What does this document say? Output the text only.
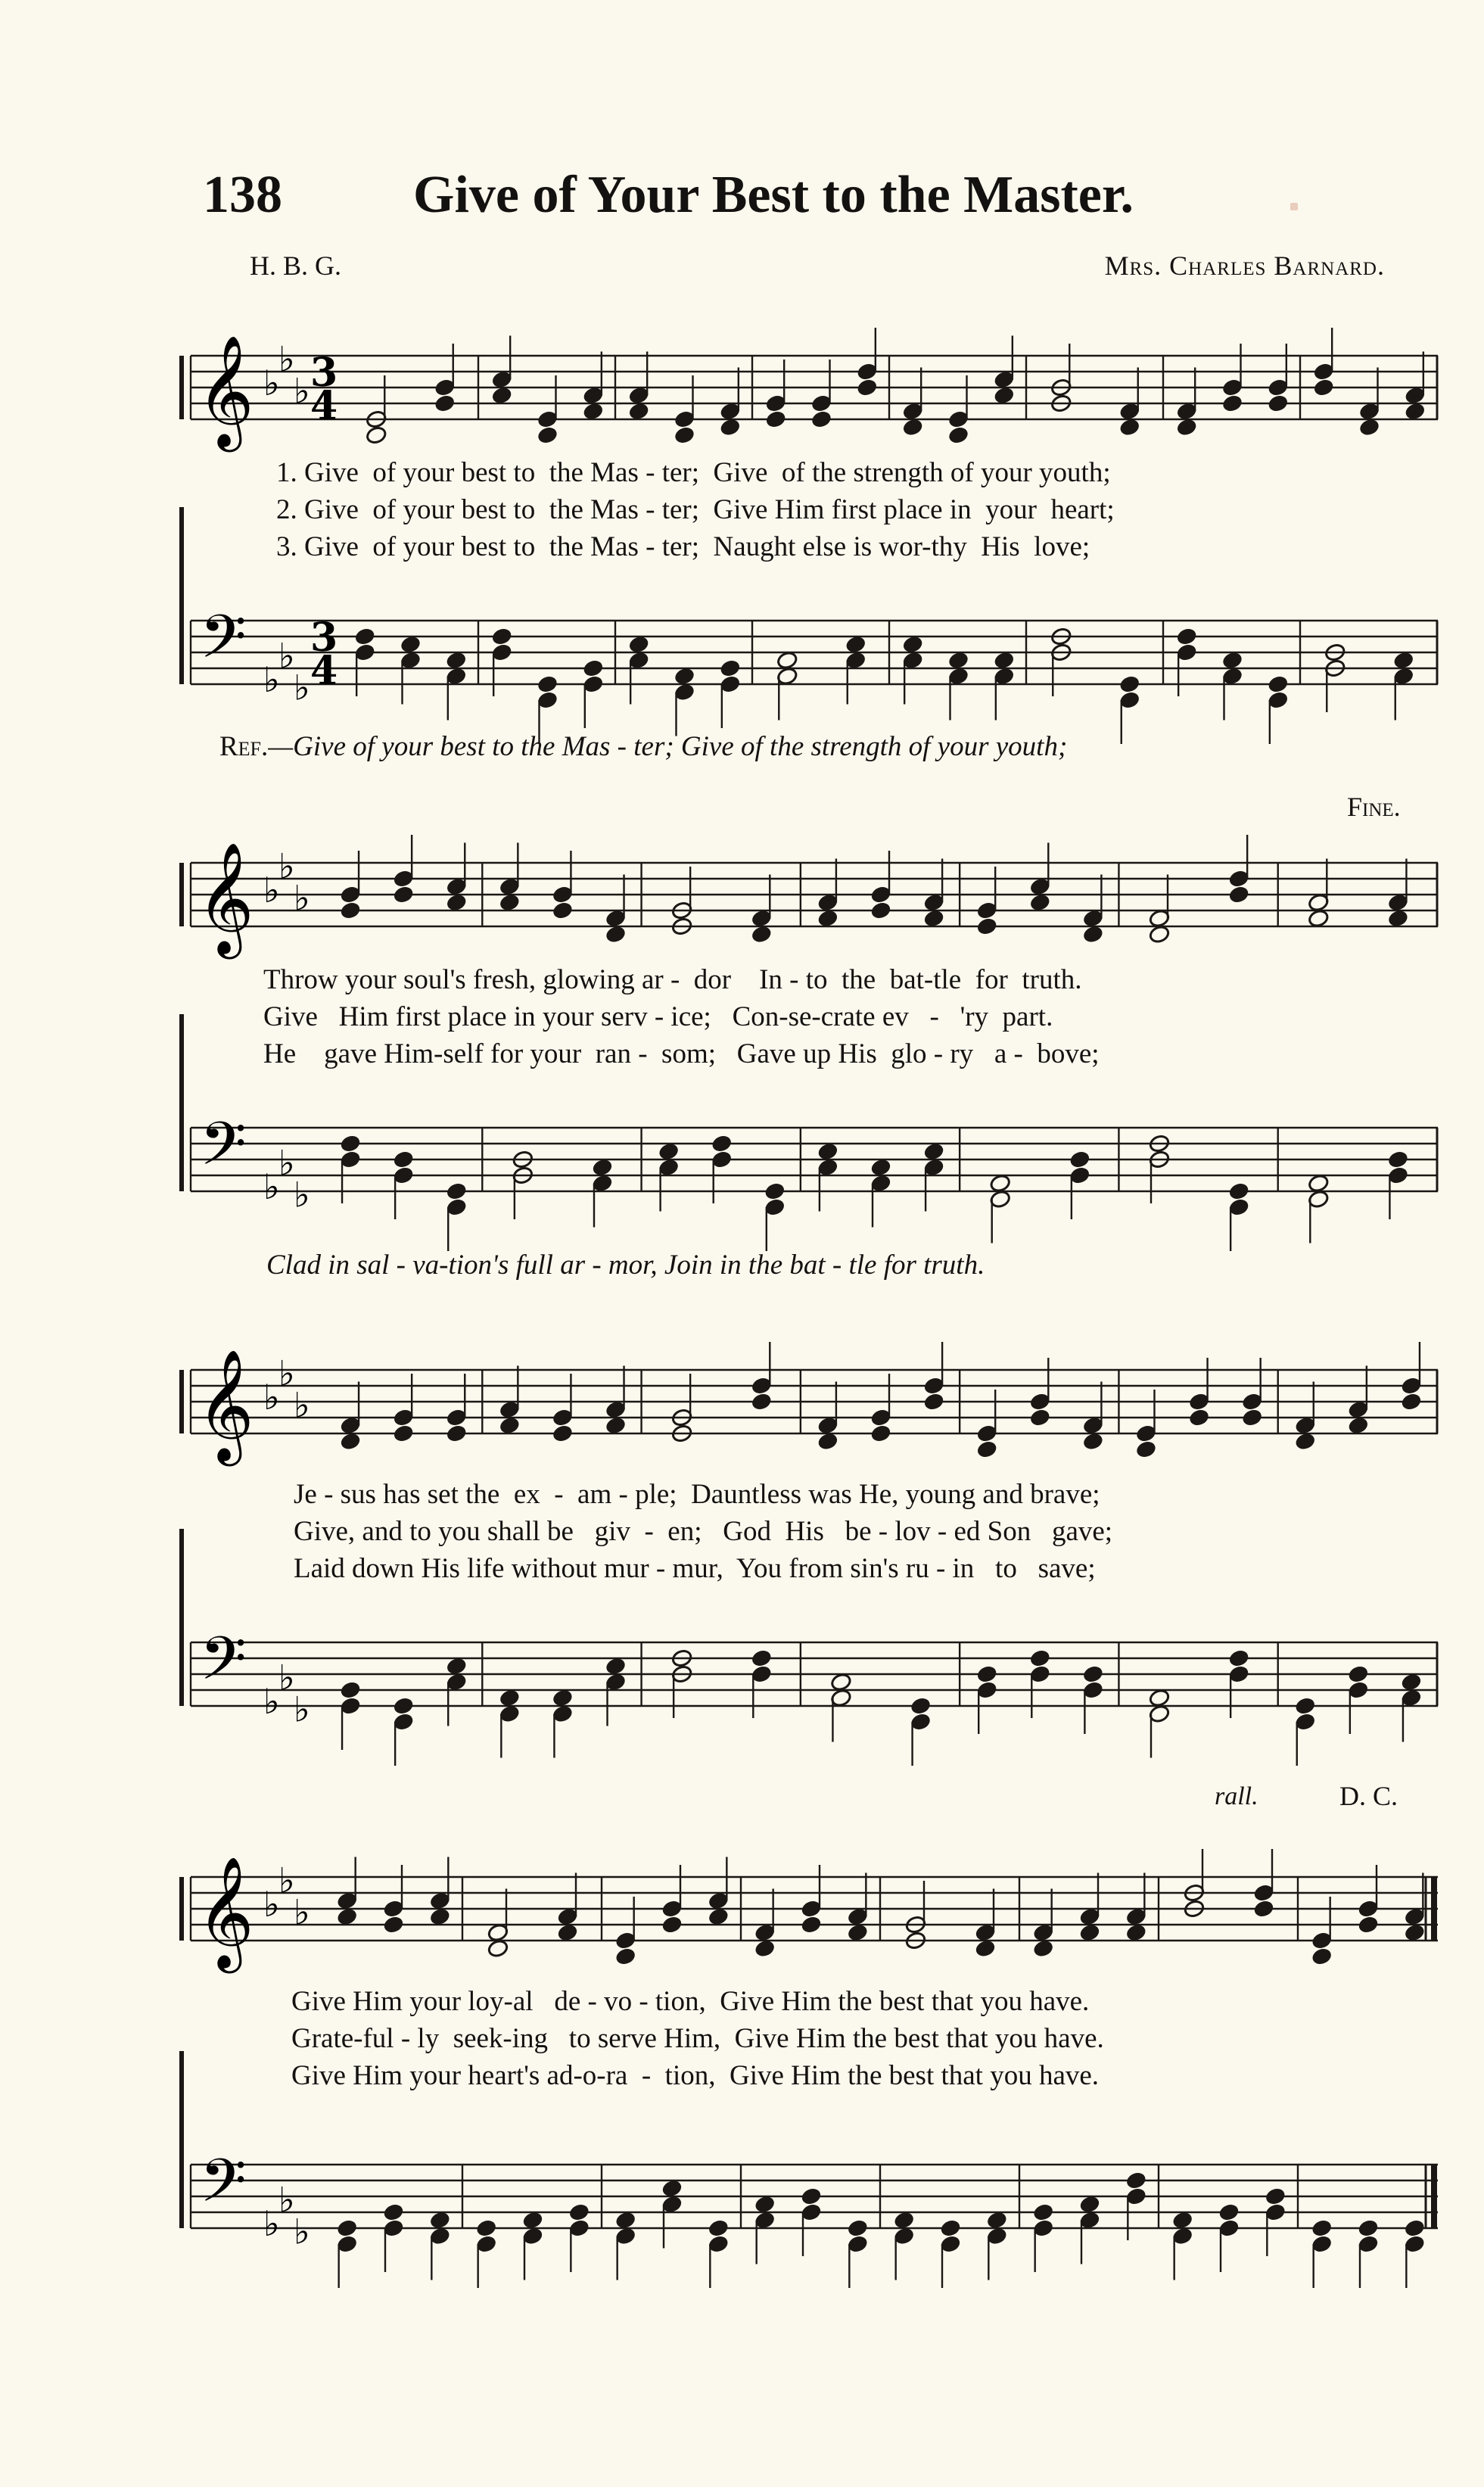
138 Give of Your Best to the Master.
H. B. G.	Mrs. Charles Barnard.
𝄞 ♭
♭
♭ 3
4
1. Give  of your best to  the Mas - ter;  Give  of the strength of your youth;
2. Give  of your best to  the Mas - ter;  Give Him first place in  your  heart;
3. Give  of your best to  the Mas - ter;  Naught else is wor-thy  His  love;
𝄢 ♭
♭
♭
3
4
Ref.—Give of your best to the Mas - ter; Give of the strength of your youth;
Fine.
𝄞 ♭
♭
♭
Throw your soul's fresh, glowing ar -  dor    In - to  the  bat-tle  for  truth.
Give   Him first place in your serv - ice;   Con-se-crate ev   -   'ry  part.
He    gave Him-self for your  ran -  som;   Gave up His  glo - ry   a -  bove;
𝄢 ♭
♭
♭
Clad in sal - va-tion's full ar - mor, Join in the bat - tle for truth.
𝄞 ♭
♭
♭
Je - sus has set the  ex  -  am - ple;  Dauntless was He, young and brave;
Give, and to you shall be   giv  -  en;   God  His   be - lov - ed Son   gave;
Laid down His life without mur - mur,  You from sin's ru - in   to   save;
𝄢 ♭
♭
♭
rall.	D. C.
𝄞 ♭
♭
♭
Give Him your loy-al   de - vo - tion,  Give Him the best that you have.
Grate-ful - ly  seek-ing   to serve Him,  Give Him the best that you have.
Give Him your heart's ad-o-ra  -  tion,  Give Him the best that you have.
𝄢 ♭
♭
♭
